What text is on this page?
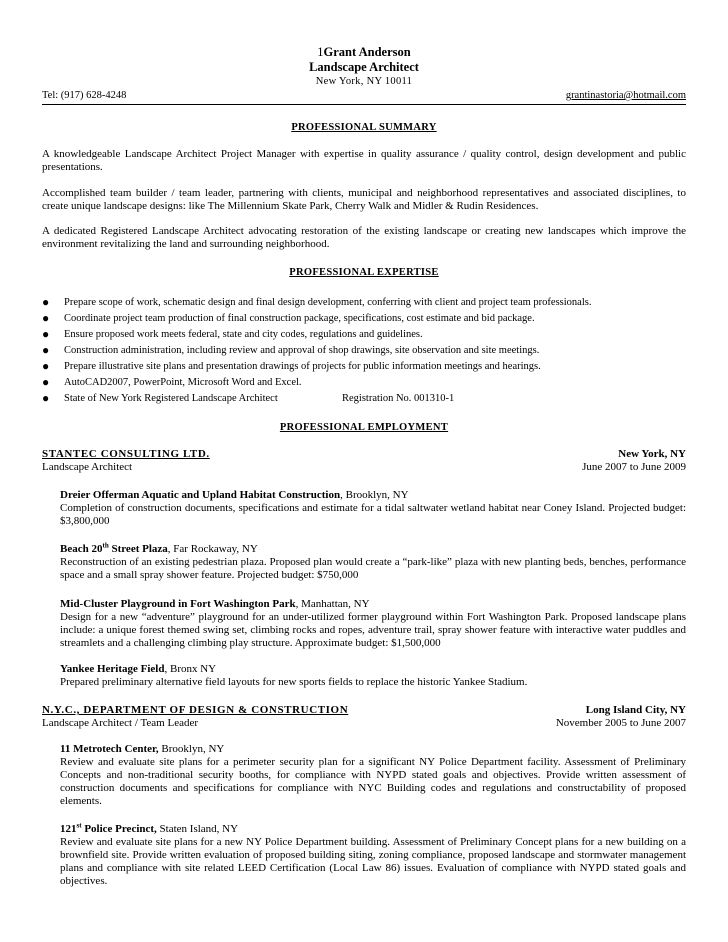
1Grant Anderson
Landscape Architect
New York, NY 10011
Tel: (917) 628-4248	grantinastoria@hotmail.com
PROFESSIONAL SUMMARY
A knowledgeable Landscape Architect Project Manager with expertise in quality assurance / quality control, design development and public presentations.
Accomplished team builder / team leader, partnering with clients, municipal and neighborhood representatives and associated disciplines, to create unique landscape designs: like The Millennium Skate Park, Cherry Walk and Midler & Rudin Residences.
A dedicated Registered Landscape Architect advocating restoration of the existing landscape or creating new landscapes which improve the environment revitalizing the land and surrounding neighborhood.
PROFESSIONAL EXPERTISE
● Prepare scope of work, schematic design and final design development, conferring with client and project team professionals.
● Coordinate project team production of final construction package, specifications, cost estimate and bid package.
● Ensure proposed work meets federal, state and city codes, regulations and guidelines.
● Construction administration, including review and approval of shop drawings, site observation and site meetings.
● Prepare illustrative site plans and presentation drawings of projects for public information meetings and hearings.
● AutoCAD2007, PowerPoint, Microsoft Word and Excel.
● State of New York Registered Landscape Architect	Registration No. 001310-1
PROFESSIONAL EMPLOYMENT
STANTEC CONSULTING LTD.	New York, NY
Landscape Architect	June 2007 to June 2009
Dreier Offerman Aquatic and Upland Habitat Construction, Brooklyn, NY
Completion of construction documents, specifications and estimate for a tidal saltwater wetland habitat near Coney Island. Projected budget: $3,800,000
Beach 20th Street Plaza, Far Rockaway, NY
Reconstruction of an existing pedestrian plaza. Proposed plan would create a “park-like” plaza with new planting beds, benches, performance space and a small spray shower feature. Projected budget: $750,000
Mid-Cluster Playground in Fort Washington Park, Manhattan, NY
Design for a new “adventure” playground for an under-utilized former playground within Fort Washington Park. Proposed landscape plans include: a unique forest themed swing set, climbing rocks and ropes, adventure trail, spray shower feature with interactive water puddles and streamlets and a challenging climbing play structure. Approximate budget: $1,500,000
Yankee Heritage Field, Bronx NY
Prepared preliminary alternative field layouts for new sports fields to replace the historic Yankee Stadium.
N.Y.C., DEPARTMENT OF DESIGN & CONSTRUCTION	Long Island City, NY
Landscape Architect / Team Leader	November 2005 to June 2007
11 Metrotech Center, Brooklyn, NY
Review and evaluate site plans for a perimeter security plan for a significant NY Police Department facility. Assessment of Preliminary Concepts and non-traditional security booths, for compliance with NYPD stated goals and objectives. Provide written assessment of construction documents and specifications for compliance with NYC Building codes and regulations and constructability of proposed elements.
121st Police Precinct, Staten Island, NY
Review and evaluate site plans for a new NY Police Department building. Assessment of Preliminary Concept plans for a new building on a brownfield site. Provide written evaluation of proposed building siting, zoning compliance, proposed landscape and stormwater management plans and compliance with site related LEED Certification (Local Law 86) issues. Evaluation of compliance with NYPD stated goals and objectives.
